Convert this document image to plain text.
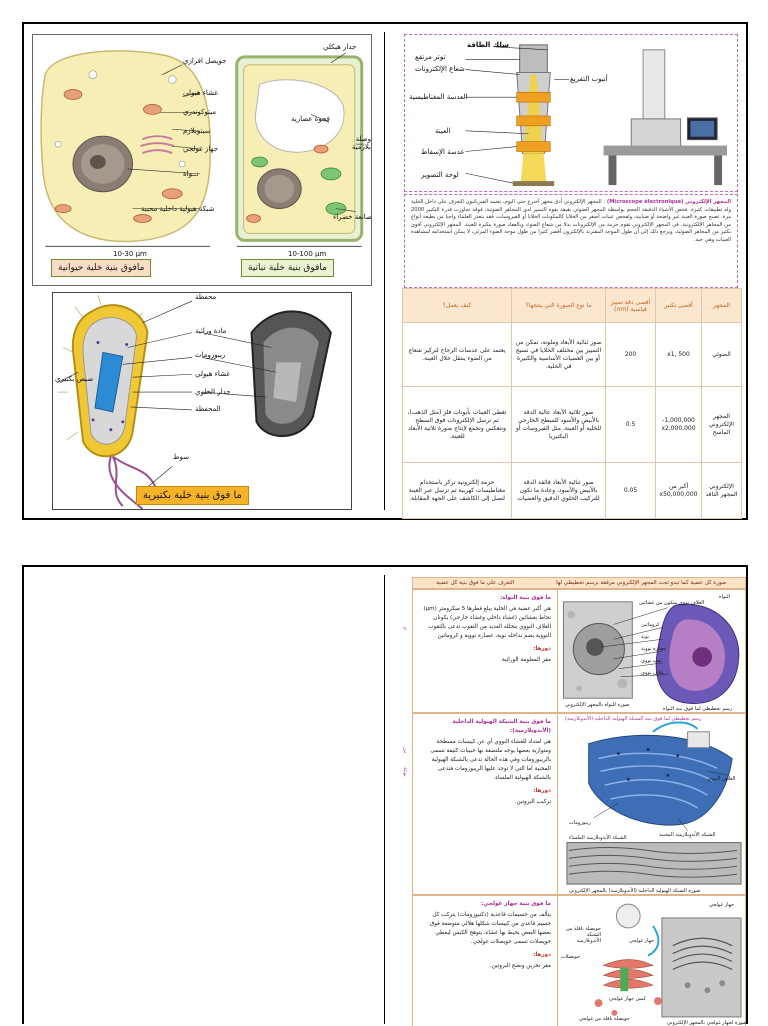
جويصل افرازي
غشاء هيولي
ميتوكوندري
سيتوبلازم
جهاز غولجي
نــواة
شبكة هيولية داخلية محببة
جدار هيكلي
فجوة عصارية
وصلة بلازمية
صانعة خضراء
10-30 µm	10-100 µm
مافوق بنية خلية حيوانية	مافوق بنية خلية نباتية
محفظة
مادة وراثية
ريبوزومات
غشاء هيولي
جدار الخلوي
المحفظة
صيص بكتيري
سوط
ما فوق بنية خلية بكتيرية
سلك الطاقة
توتر مرتفع
شعاع الإلكترونات
أنبوب التفريغ
العدسة المغناطيسية
العينة
عدسة الإسقاط
لوحة التصوير
المجهر الإلكتروني (Microscope électronique) : المجهر الإلكتروني أدق مجهر أخترع حتى اليوم، يعتمد الفيزيائيون التعرف على داخل الخلية وله تطبيقات كثيرة. فحص الأشياء الدقيقة الحجم بواسطة المجهر الضوئي بقيقة بقوة التمييز لدى المجاهر الضوئية، فوقة تجاوزت قدرة التكبير 2000 مرة. تصبح صورة العينة غير واضحة أو ضبابية، ولفحص عينات أصغر من الخلايا كالمكونات الخلايا أو الفيروسات، فقد يتعذر العلماء واجبا من بطيعة أنواع من المجاهر الإلكترونية. في المجهر الإلكتروني تقوم حزمة من الإلكترونات بدلا من شعاع الضوء، وبالعفاد صورة مكبرة للعينة. المجهر الإلكتروني أقوى بكثير من المجاهر الضوئية، ويرجع ذلك إلى أن طول الموجة المقترنة بالإلكترون أقصر كثيرا من طول موجة الضوء المرئي، لا يمكن استخدامه لمشاهدة العينات وهي حية.
المجهر	أقصى تكبير	أقصى دقة تمييز قياسية (nm)	ما نوع الصورة التي ينتجها؟	كيف يعمل؟
الضوئي	x1, 500	200	صور ثنائية الأبعاد وملونة، تمكن من التمييز بين مختلف الخلايا في نسيج أو بين العضيات الأساسية والكبيرة في الخلية.	يعتمد على عدسات الزجاج لتركيز شعاع من الضوء ينتقل خلال العينة.
المجهر الإلكتروني الماسح	1,000,000- x2,000,000	0.5	صور ثلاثية الأبعاد عالية الدقة بالأبيض والأسود للسطح الخارجي للخلية أو العينة، مثل الفيروسات أو البكتيريا	تغطى العينات بأيونات فلز (مثل الذهب)، ثم ترسل الإلكترونات فوق السطح وتنعكس وتجمع لإنتاج صورة ثلاثية الأبعاد للعينة.
الإلكتروني المجهر النافذ	أكبر من x50,000,000	0.05	صور ثنائية الأبعاد فائقة الدقة بالأبيض والأسود، وعادة ما تكون للتركيب الخلوي الدقيق والعضيات	حزمة إلكترونية تركز باستخدام مغناطيسات كهربية ثم ترسل عبر العينة لتصل إلى الكاشف على الجهة المقابلة.
م
من
نوعة
صورة كل عضية كما تبدو تحت المجهر الإلكتروني مرفقة برسم تخطيطي لها
التعرف على ما فوق بنية كل عضية
ما فوق بنية النواة:
هي أكبر عضية في الخلية يبلغ قطرها 5 ميكرومتر (µm) تحاط بغشائين (غشاء داخلي وغشاء خارجي) يكونان الغلاف النووي يتخلله العديد من الثقوب تدعى بالثقوب النووية يضم بداخله نوية، عصارة نووية و كروماتين
دورها:
مقر المعلومة الوراثية.
الغلاف نووي متكون من غشائين
كروماتين
نوية
عصارة نووية
ثقب نووي
غلاف نووي
النواة
صورة للنواة بالمجهر الإلكتروني
رسم تخطيطي لما فوق بنية النواة
ما فوق بنية الشبكة الهيولية الداخلية (الأندوبلازمية):
هي امتداد للغشاء النووي أي عن كييسات مسطحة ومتوازية بعضها بوجه ملتصقة بها حبيبات كثيفة تسمى بالريبوزومات وفي هذه الحالة تدعى بالشبكة الهيولية المحببة أما التي لا توجد عليها الريبوزومات فتدعى بالشبكة الهيولية الملساء.
دورها:
تركيب البروتين.
رسم تخطيطي لما فوق بنية الشبكة الهيولية الداخلية (الأندوبلازمية)
الغلاف النووي
ريبوزومات
الشبكة الأندوبلازمية المحببة
الشبكة الأندوبلازمية الملساء
صورة الشبكة الهيولية الداخلية (الأندوبلازمية) بالمجهر الإلكتروني
ما فوق بنية جهاز غولجي:
يتألف من جسيمات قاعدية (ذكتيوزومات) يتركب كل جسيم قاعدي من كييسات شكلها هلالي متوضعة فوق بعضها البعض يحيط بها غشاء، يتوهج الكيس ليعطي حويصلات تسمى حويصلات غولجي.
دورها:
مقر تخزين ونضج البروتين.
جهاز غولجي
حويصلات
جهاز غولجي
حويصلة ناقلة من الشبكة الأندوبلازمية
كيس جهاز غولجي
حويصلة ناقلة من غولجي
صورة لجهاز غولجي بالمجهر الإلكتروني
